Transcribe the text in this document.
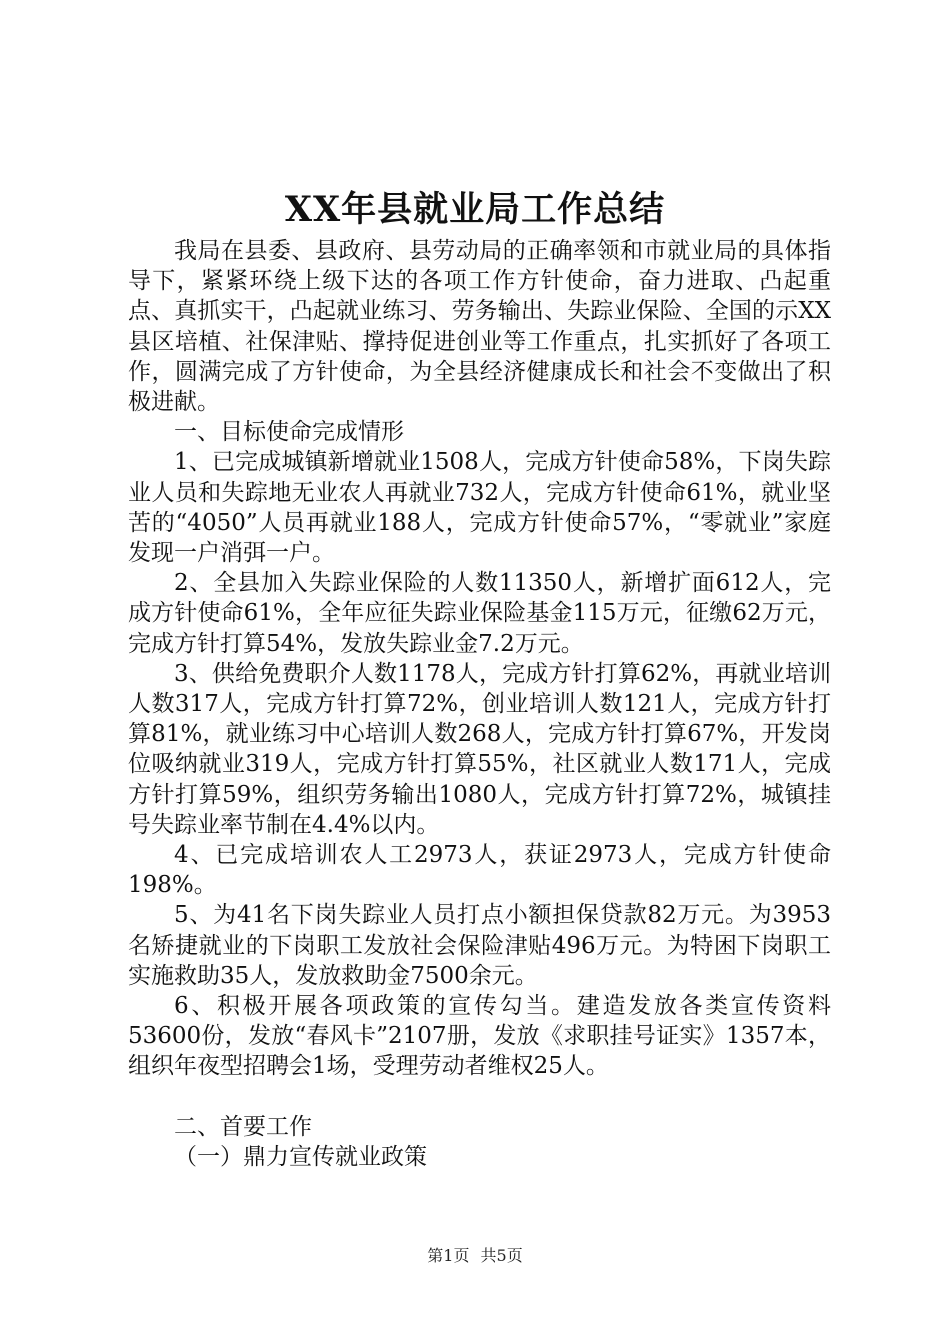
XX年县就业局工作总结

我局在县委、县政府、县劳动局的正确率领和市就业局的具体指导下，紧紧环绕上级下达的各项工作方针使命，奋力进取、凸起重点、真抓实干，凸起就业练习、劳务输出、失踪业保险、全国的示XX县区培植、社保津贴、撑持促进创业等工作重点，扎实抓好了各项工作，圆满完成了方针使命，为全县经济健康成长和社会不变做出了积极进献。

一、目标使命完成情形

1、已完成城镇新增就业1508人，完成方针使命58%，下岗失踪业人员和失踪地无业农人再就业732人，完成方针使命61%，就业坚苦的“4050”人员再就业188人，完成方针使命57%，“零就业”家庭发现一户消弭一户。

2、全县加入失踪业保险的人数11350人，新增扩面612人，完成方针使命61%，全年应征失踪业保险基金115万元，征缴62万元，完成方针打算54%，发放失踪业金7.2万元。

3、供给免费职介人数1178人，完成方针打算62%，再就业培训人数317人，完成方针打算72%，创业培训人数121人，完成方针打算81%，就业练习中心培训人数268人，完成方针打算67%，开发岗位吸纳就业319人，完成方针打算55%，社区就业人数171人，完成方针打算59%，组织劳务输出1080人，完成方针打算72%，城镇挂号失踪业率节制在4.4%以内。

4、已完成培训农人工2973人，获证2973人，完成方针使命198%。

5、为41名下岗失踪业人员打点小额担保贷款82万元。为3953名矫捷就业的下岗职工发放社会保险津贴496万元。为特困下岗职工实施救助35人，发放救助金7500余元。

6、积极开展各项政策的宣传勾当。建造发放各类宣传资料53600份，发放“春风卡”2107册，发放《求职挂号证实》1357本，组织年夜型招聘会1场，受理劳动者维权25人。

二、首要工作

（一）鼎力宣传就业政策

第1页 共5页
